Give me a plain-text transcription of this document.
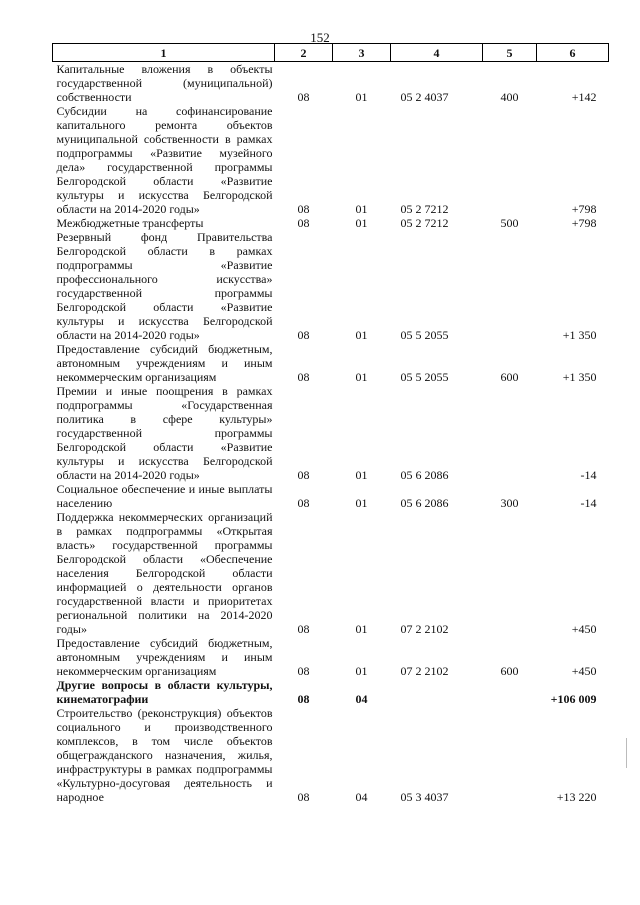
152
1	2	3	4	5	6
Капитальные вложения в объекты государственной (муниципальной) собственности	08	01	05 2 4037	400	+142
Субсидии на софинансирование капитального ремонта объектов муниципальной собственности в рамках подпрограммы «Развитие музейного дела» государственной программы Белгородской области «Развитие культуры и искусства Белгородской области на 2014-2020 годы»	08	01	05 2 7212		+798
Межбюджетные трансферты	08	01	05 2 7212	500	+798
Резервный фонд Правительства Белгородской области в рамках подпрограммы «Развитие профессионального искусства» государственной программы Белгородской области «Развитие культуры и искусства Белгородской области на 2014-2020 годы»	08	01	05 5 2055		+1 350
Предоставление субсидий бюджетным, автономным учреждениям и иным некоммерческим организациям	08	01	05 5 2055	600	+1 350
Премии и иные поощрения в рамках подпрограммы «Государственная политика в сфере культуры» государственной программы Белгородской области «Развитие культуры и искусства Белгородской области на 2014-2020 годы»	08	01	05 6 2086		-14
Социальное обеспечение и иные выплаты населению	08	01	05 6 2086	300	-14
Поддержка некоммерческих организаций в рамках подпрограммы «Открытая власть» государственной программы Белгородской области «Обеспечение населения Белгородской области информацией о деятельности органов государственной власти и приоритетах региональной политики на 2014-2020 годы»	08	01	07 2 2102		+450
Предоставление субсидий бюджетным, автономным учреждениям и иным некоммерческим организациям	08	01	07 2 2102	600	+450
Другие вопросы в области культуры, кинематографии	08	04			+106 009
Строительство (реконструкция) объектов социального и производственного комплексов, в том числе объектов общегражданского назначения, жилья, инфраструктуры в рамках подпрограммы «Культурно-досуговая деятельность и народное	08	04	05 3 4037		+13 220
